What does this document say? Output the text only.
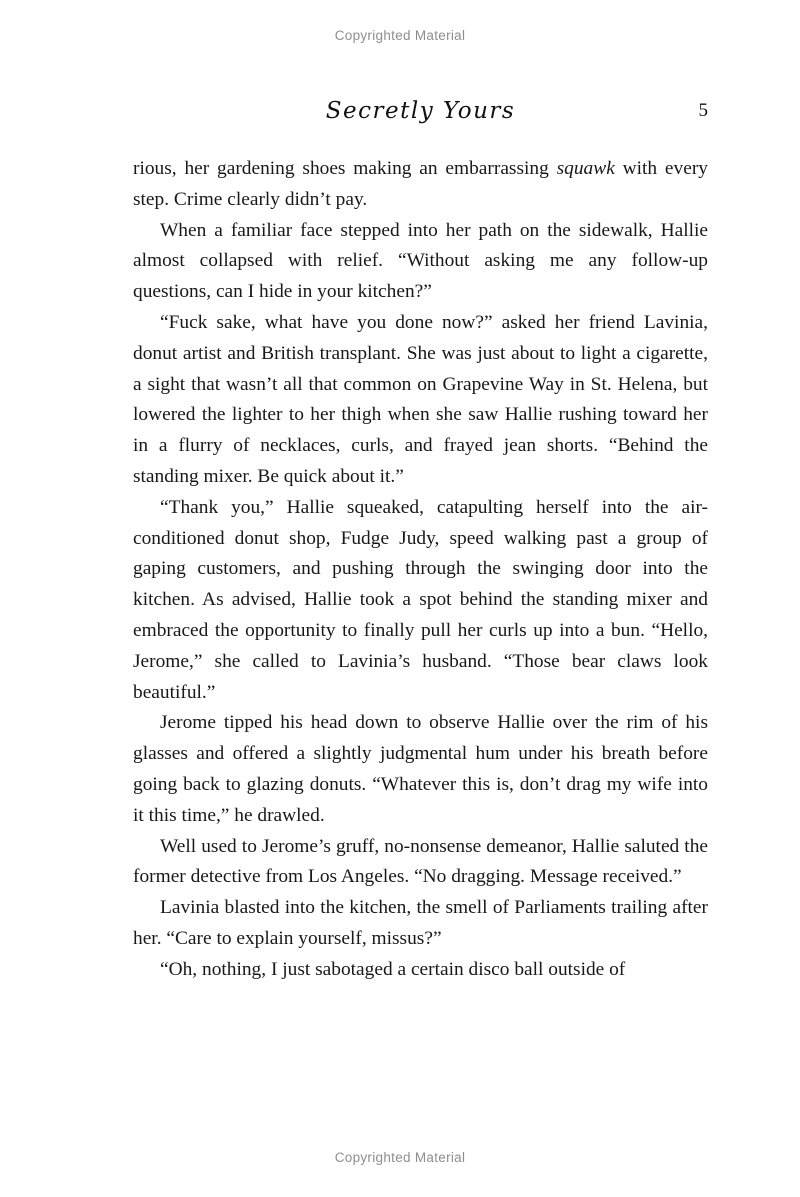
Copyrighted Material
Secretly Yours	5

rious, her gardening shoes making an embarrassing squawk with every step. Crime clearly didn’t pay.

When a familiar face stepped into her path on the sidewalk, Hallie almost collapsed with relief. “Without asking me any follow-up questions, can I hide in your kitchen?”

“Fuck sake, what have you done now?” asked her friend Lavinia, donut artist and British transplant. She was just about to light a cigarette, a sight that wasn’t all that common on Grapevine Way in St. Helena, but lowered the lighter to her thigh when she saw Hallie rushing toward her in a flurry of necklaces, curls, and frayed jean shorts. “Behind the standing mixer. Be quick about it.”

“Thank you,” Hallie squeaked, catapulting herself into the air-conditioned donut shop, Fudge Judy, speed walking past a group of gaping customers, and pushing through the swinging door into the kitchen. As advised, Hallie took a spot behind the standing mixer and embraced the opportunity to finally pull her curls up into a bun. “Hello, Jerome,” she called to Lavinia’s husband. “Those bear claws look beautiful.”

Jerome tipped his head down to observe Hallie over the rim of his glasses and offered a slightly judgmental hum under his breath before going back to glazing donuts. “Whatever this is, don’t drag my wife into it this time,” he drawled.

Well used to Jerome’s gruff, no-nonsense demeanor, Hallie saluted the former detective from Los Angeles. “No dragging. Message received.”

Lavinia blasted into the kitchen, the smell of Parliaments trailing after her. “Care to explain yourself, missus?”

“Oh, nothing, I just sabotaged a certain disco ball outside of

Copyrighted Material
